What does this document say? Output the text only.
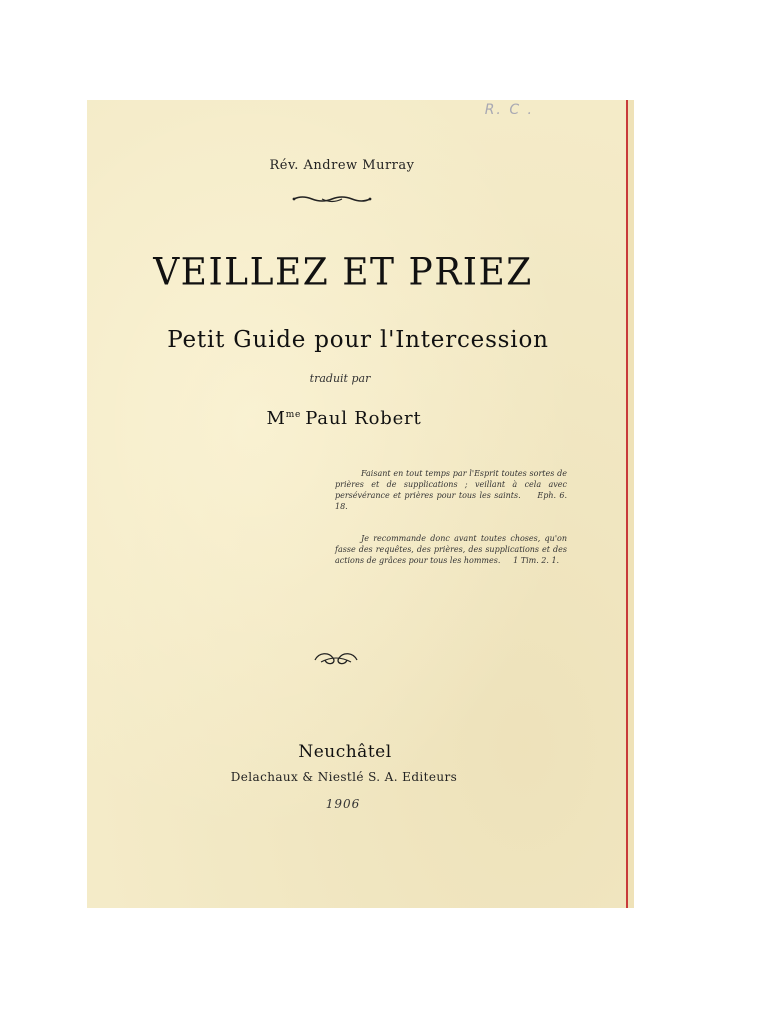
R. C .
Rév. Andrew Murray
VEILLEZ ET PRIEZ
Petit Guide pour l'Intercession
traduit par
$M^{me}$ Paul Robert
Faisant en tout temps par l'Esprit toutes sortes de prières et de supplications ; veillant à cela avec persévérance et prières pour tous les saints. Eph. 6. 18.
Je recommande donc avant toutes choses, qu'on fasse des requêtes, des prières, des supplications et des actions de grâces pour tous les hommes. 1 Tim. 2. 1.
Neuchâtel
Delachaux & Niestlé S. A. Editeurs
1906
